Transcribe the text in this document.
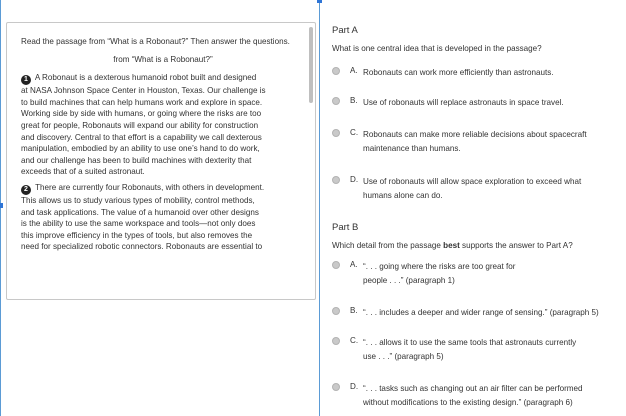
Read the passage from “What is a Robonaut?” Then answer the questions.

from “What is a Robonaut?”

1 A Robonaut is a dexterous humanoid robot built and designed
at NASA Johnson Space Center in Houston, Texas. Our challenge is
to build machines that can help humans work and explore in space.
Working side by side with humans, or going where the risks are too
great for people, Robonauts will expand our ability for construction
and discovery. Central to that effort is a capability we call dexterous
manipulation, embodied by an ability to use one’s hand to do work,
and our challenge has been to build machines with dexterity that
exceeds that of a suited astronaut.
2 There are currently four Robonauts, with others in development.
This allows us to study various types of mobility, control methods,
and task applications. The value of a humanoid over other designs
is the ability to use the same workspace and tools—not only does
this improve efficiency in the types of tools, but also removes the
need for specialized robotic connectors. Robonauts are essential to
Part A
What is one central idea that is developed in the passage?
A. Robonauts can work more efficiently than astronauts.
B. Use of robonauts will replace astronauts in space travel.
C. Robonauts can make more reliable decisions about spacecraft
maintenance than humans.
D. Use of robonauts will allow space exploration to exceed what
humans alone can do.
Part B
Which detail from the passage best supports the answer to Part A?
A. “. . . going where the risks are too great for
people . . .” (paragraph 1)
B. “. . . includes a deeper and wider range of sensing.” (paragraph 5)
C. “. . . allows it to use the same tools that astronauts currently
use . . .” (paragraph 5)
D. “. . . tasks such as changing out an air filter can be performed
without modifications to the existing design.” (paragraph 6)
